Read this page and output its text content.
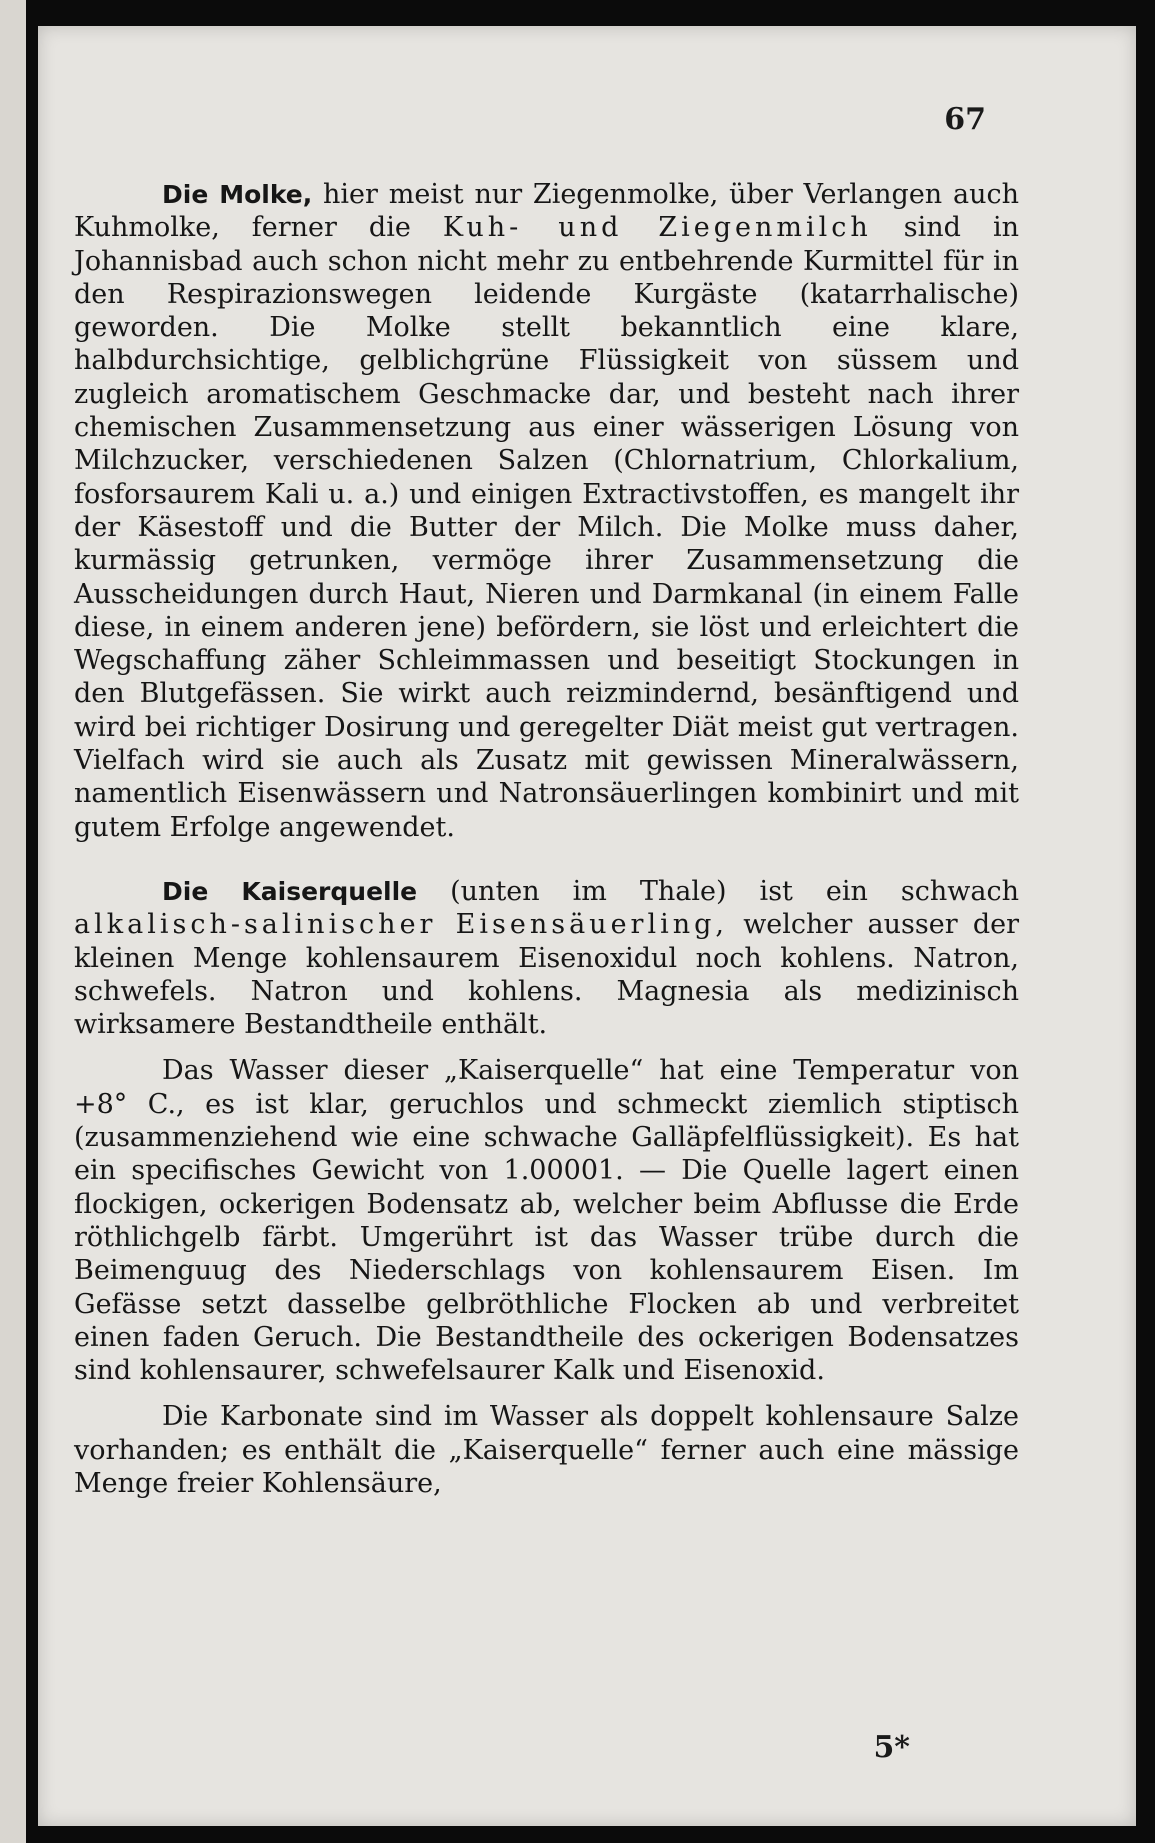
67

Die Molke, hier meist nur Ziegenmolke, über Verlangen auch Kuhmolke, ferner die Kuh- und Ziegenmilch sind in Johannisbad auch schon nicht mehr zu entbehrende Kurmittel für in den Respirazionswegen leidende Kurgäste (katarrhalische) geworden. Die Molke stellt bekanntlich eine klare, halbdurchsichtige, gelblichgrüne Flüssigkeit von süssem und zugleich aromatischem Geschmacke dar, und besteht nach ihrer chemischen Zusammensetzung aus einer wässerigen Lösung von Milchzucker, verschiedenen Salzen (Chlornatrium, Chlorkalium, fosforsaurem Kali u. a.) und einigen Extractivstoffen, es mangelt ihr der Käsestoff und die Butter der Milch. Die Molke muss daher, kurmässig getrunken, vermöge ihrer Zusammensetzung die Ausscheidungen durch Haut, Nieren und Darmkanal (in einem Falle diese, in einem anderen jene) befördern, sie löst und erleichtert die Wegschaffung zäher Schleimmassen und beseitigt Stockungen in den Blutgefässen. Sie wirkt auch reizmindernd, besänftigend und wird bei richtiger Dosirung und geregelter Diät meist gut vertragen. Vielfach wird sie auch als Zusatz mit gewissen Mineralwässern, namentlich Eisenwässern und Natronsäuerlingen kombinirt und mit gutem Erfolge angewendet.

Die Kaiserquelle (unten im Thale) ist ein schwach alkalisch-salinischer Eisensäuerling, welcher ausser der kleinen Menge kohlensaurem Eisenoxidul noch kohlens. Natron, schwefels. Natron und kohlens. Magnesia als medizinisch wirksamere Bestandtheile enthält.

Das Wasser dieser „Kaiserquelle“ hat eine Temperatur von +8° C., es ist klar, geruchlos und schmeckt ziemlich stiptisch (zusammenziehend wie eine schwache Galläpfelflüssigkeit). Es hat ein specifisches Gewicht von 1.00001. — Die Quelle lagert einen flockigen, ockerigen Bodensatz ab, welcher beim Abflusse die Erde röthlichgelb färbt. Umgerührt ist das Wasser trübe durch die Beimenguug des Niederschlags von kohlensaurem Eisen. Im Gefässe setzt dasselbe gelbröthliche Flocken ab und verbreitet einen faden Geruch. Die Bestandtheile des ockerigen Bodensatzes sind kohlensaurer, schwefelsaurer Kalk und Eisenoxid.

Die Karbonate sind im Wasser als doppelt kohlensaure Salze vorhanden; es enthält die „Kaiserquelle“ ferner auch eine mässige Menge freier Kohlensäure,

5*
